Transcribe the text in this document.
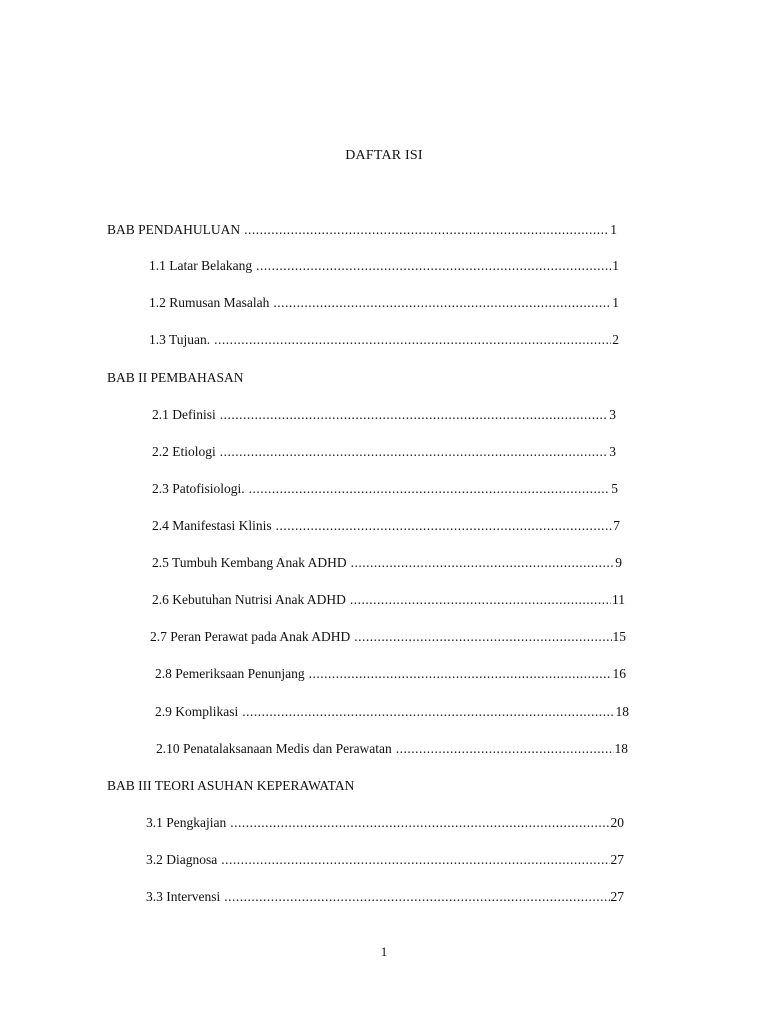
DAFTAR ISI
BAB PENDAHULUAN .....	1
1.1 Latar Belakang .....	1
1.2 Rumusan Masalah .....	1
1.3 Tujuan. .....	2
BAB II PEMBAHASAN
2.1 Definisi .....	3
2.2 Etiologi .....	3
2.3 Patofisiologi. .....	5
2.4 Manifestasi Klinis .....	7
2.5 Tumbuh Kembang Anak ADHD .....	9
2.6 Kebutuhan Nutrisi Anak ADHD .....	11
2.7 Peran Perawat pada Anak ADHD .....	15
2.8 Pemeriksaan Penunjang .....	16
2.9 Komplikasi .....	18
2.10 Penatalaksanaan Medis dan Perawatan .....	18
BAB III TEORI ASUHAN KEPERAWATAN
3.1 Pengkajian .....	20
3.2 Diagnosa .....	27
3.3 Intervensi .....	27
1
